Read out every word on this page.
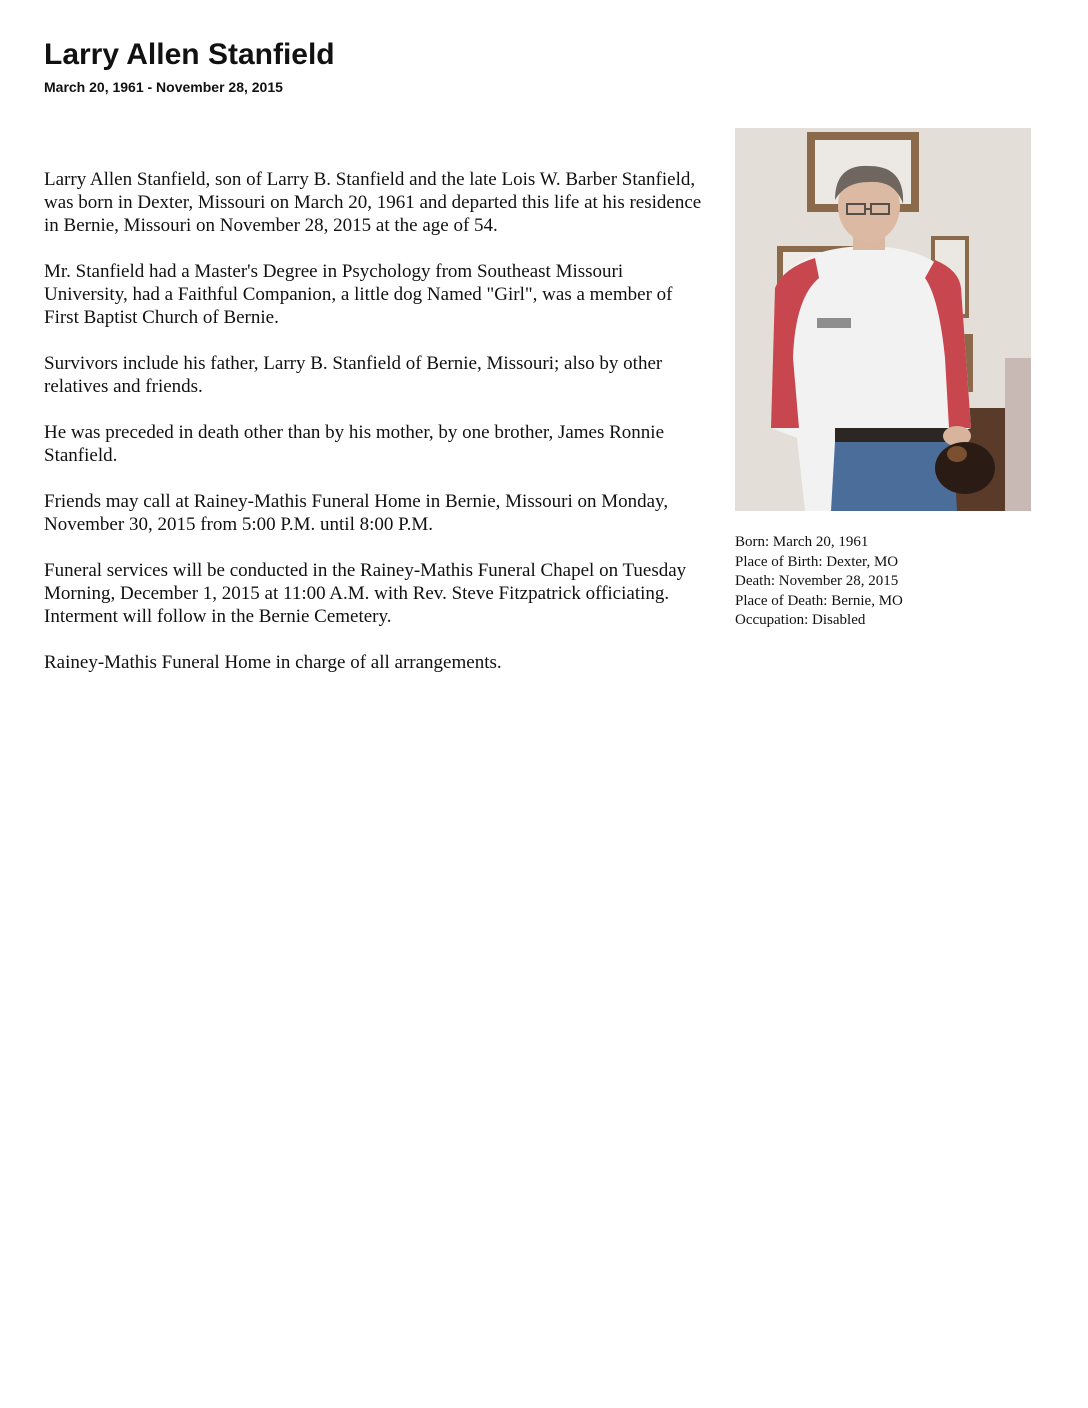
Larry Allen Stanfield
March 20, 1961 - November 28, 2015

Larry Allen Stanfield, son of Larry B. Stanfield and the late Lois W. Barber Stanfield, was born in Dexter, Missouri on March 20, 1961 and departed this life at his residence in Bernie, Missouri on November 28, 2015 at the age of 54.

Mr. Stanfield had a Master's Degree in Psychology from Southeast Missouri University, had a Faithful Companion, a little dog Named "Girl", was a member of First Baptist Church of Bernie.

Survivors include his father, Larry B. Stanfield of Bernie, Missouri; also by other relatives and friends.

He was preceded in death other than by his mother, by one brother, James Ronnie Stanfield.

Friends may call at Rainey-Mathis Funeral Home in Bernie, Missouri on Monday, November 30, 2015 from 5:00 P.M. until 8:00 P.M.

Funeral services will be conducted in the Rainey-Mathis Funeral Chapel on Tuesday Morning, December 1, 2015 at 11:00 A.M. with Rev. Steve Fitzpatrick officiating. Interment will follow in the Bernie Cemetery.

Rainey-Mathis Funeral Home in charge of all arrangements.

Born: March 20, 1961
Place of Birth: Dexter, MO
Death: November 28, 2015
Place of Death: Bernie, MO
Occupation: Disabled
